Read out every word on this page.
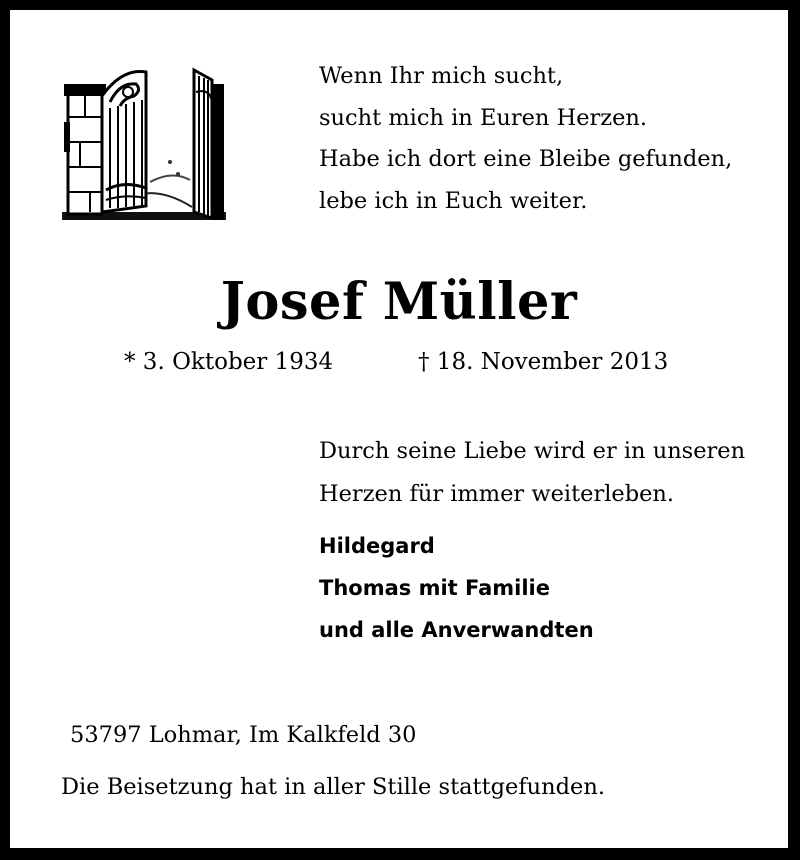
Wenn Ihr mich sucht,
sucht mich in Euren Herzen.
Habe ich dort eine Bleibe gefunden,
lebe ich in Euch weiter.
Josef Müller
* 3. Oktober 1934	† 18. November 2013
Durch seine Liebe wird er in unseren
Herzen für immer weiterleben.
Hildegard
Thomas mit Familie
und alle Anverwandten
53797 Lohmar, Im Kalkfeld 30
Die Beisetzung hat in aller Stille stattgefunden.
